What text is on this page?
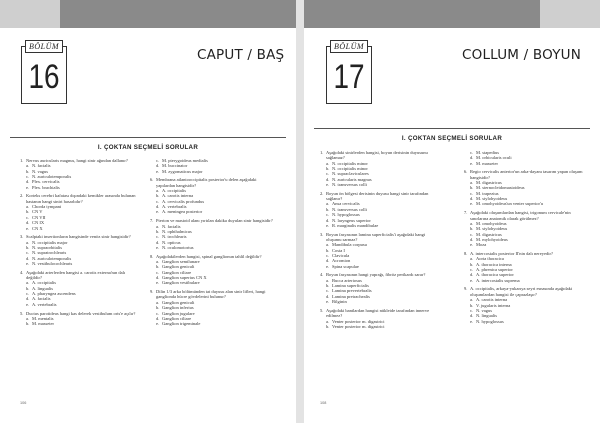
BÖLÜM
16
CAPUT / BAŞ
I. ÇOKTAN SEÇMELİ SORULAR
1. Nervus auricularis magnus, hangi sinir ağından dallanır?
a. N. facialis
b. N. vagus
c. N. auriculotemporalis
d. Plex. cervicalis
e. Plex. brachialis
2. Korteks cerebri kafatası dışındaki kemikler arasında bulunan hastanın hangi siniri hasarlıdır?
a. Chorda tympani
b. CN V
c. CN VII
d. CN IX
e. CN X
3. Scalptaki insertionların hangisinde venöz sinir hangisidir?
a. N. occipitalis major
b. N. supraorbitalis
c. N. supratrochlearis
d. N. auriculotemporalis
e. N. vestibulocochlearis
4. Aşağıdaki arterlerden hangisi a. carotis externa'nın dalı değildir?
a. A. occipitalis
b. A. lingualis
c. A. pharyngea ascendens
d. A. facialis
e. A. vertebralis
5. Ductus parotideus hangi kas delerek vestibulum oris'e açılır?
a. M. mentalis
b. M. masseter
c. M. pterygoideus medialis
d. M. buccinator
e. M. zygomaticus major
6. Membrana atlantooccipitalis posterior'u delen aşağıdaki yapılardan hangisidir?
a. A. occipitalis
b. A. carotis interna
c. A. cervicalis profundus
d. A. vertebralis
e. A. meningea posterior
7. Pterion ve mastoid alanı yırtılan dakika duyulan sinir hangisidir?
a. N. facialis
b. N. ophthalmicus
c. N. trochlearis
d. N. opticus
e. N. oculomotorius
8. Aşağıdakilerden hangisi, spinal ganglionun tahlil değildir?
a. Ganglion semilunare
b. Ganglion geniculi
c. Ganglion ciliare
d. Ganglion superius CN X
e. Ganglion vestibulare
9. Dilin 1/3 arka bölümünden tat duyusu alan sinir lifleri, hangi ganglionda hücre gövdelerini bulunur?
a. Ganglion geniculi
b. Ganglion inferius
c. Ganglion jugulare
d. Ganglion ciliare
e. Ganglion trigeminale
106
BÖLÜM
17
COLLUM / BOYUN
I. ÇOKTAN SEÇMELİ SORULAR
1. Aşağıdaki sinirlerden hangisi, boyun derisinin duyusunu sağlamaz?
a. N. occipitalis minor
b. N. occipitalis minor
c. N. supraclaviculares
d. N. auricularis magnus
e. N. transversus colli
2. Boyun ön bölgesi derisinin duyusu hangi sinir tarafından sağlanır?
a. Ansa cervicalis
b. N. transversus colli
c. N. hypoglossus
d. N. laryngeus superior
e. R. marginalis mandibulae
3. Boyun fasyasının lamina superficialis'i aşağıdaki hangi oluşumu sarmaz?
a. Mandibula corpusu
b. Costa I
c. Clavicula
d. Acromion
e. Spina scapulae
4. Boyun fasyasının hangi yaprağı, fibröz perikardı sarar?
a. Bucca arteriosus
b. Lamina superficialis
c. Lamina prevertebralis
d. Lamina pretrachealis
e. Bilginin
5. Aşağıdaki bantlardan hangisi nükleide tarafından innerve edilmez?
a. Venter posterior m. digastrici
b. Venter posterior m. digastrici
c. M. stapedius
d. M. orbicularis oculi
e. M. masseter
6. Regio cervicalis anterior'un arka-dayanı tasarım yapan oluşum hangisidir?
a. M. digastricus
b. M. sternocleidomastoideus
c. M. trapezius
d. M. stylohyoideus
e. M. omohyoideus'un venter superior'u
7. Aşağıdaki oluşumlardan hangisi, trigonum cervicale'nin sınırlarına anatomik olarak görülmez?
a. M. omohyoideus
b. M. stylohyoideus
c. M. digastricus
d. M. mylohyoideus
e. Moza
8. A. intercostalis posterior II'nin dalı nereyedir?
a. Aorta thoracica
b. A. thoracica interna
c. A. phrenica superior
d. A. thoracica superior
e. A. intercostalis suprema
9. A. occipitalis, arkaya-yukarıya seyri esnasında aşağıdaki oluşumlardan hangisi ile çaprazlaşır?
a. A. carotis interna
b. V. jugularis interna
c. N. vagus
d. N. lingualis
e. N. hypoglossus
108
